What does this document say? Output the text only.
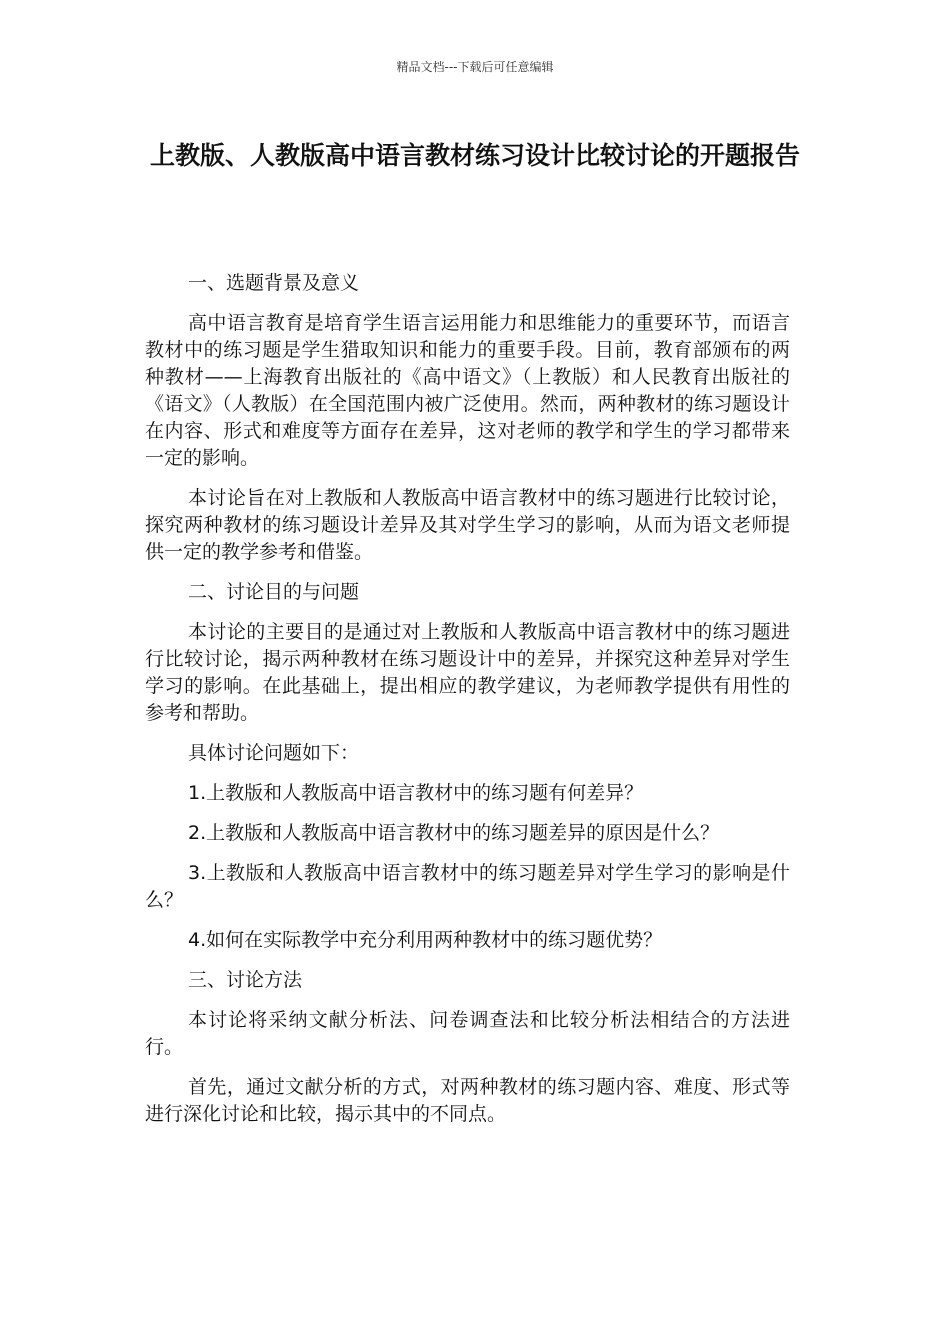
精品文档---下载后可任意编辑
上教版、人教版高中语言教材练习设计比较讨论的开题报告

一、选题背景及意义

高中语言教育是培育学生语言运用能力和思维能力的重要环节，而语言教材中的练习题是学生猎取知识和能力的重要手段。目前，教育部颁布的两种教材——上海教育出版社的《高中语文》（上教版）和人民教育出版社的《语文》（人教版）在全国范围内被广泛使用。然而，两种教材的练习题设计在内容、形式和难度等方面存在差异，这对老师的教学和学生的学习都带来一定的影响。

本讨论旨在对上教版和人教版高中语言教材中的练习题进行比较讨论，探究两种教材的练习题设计差异及其对学生学习的影响，从而为语文老师提供一定的教学参考和借鉴。

二、讨论目的与问题

本讨论的主要目的是通过对上教版和人教版高中语言教材中的练习题进行比较讨论，揭示两种教材在练习题设计中的差异，并探究这种差异对学生学习的影响。在此基础上，提出相应的教学建议，为老师教学提供有用性的参考和帮助。

具体讨论问题如下：

1.上教版和人教版高中语言教材中的练习题有何差异？

2.上教版和人教版高中语言教材中的练习题差异的原因是什么？

3.上教版和人教版高中语言教材中的练习题差异对学生学习的影响是什么？

4.如何在实际教学中充分利用两种教材中的练习题优势？

三、讨论方法

本讨论将采纳文献分析法、问卷调查法和比较分析法相结合的方法进行。

首先，通过文献分析的方式，对两种教材的练习题内容、难度、形式等进行深化讨论和比较，揭示其中的不同点。
